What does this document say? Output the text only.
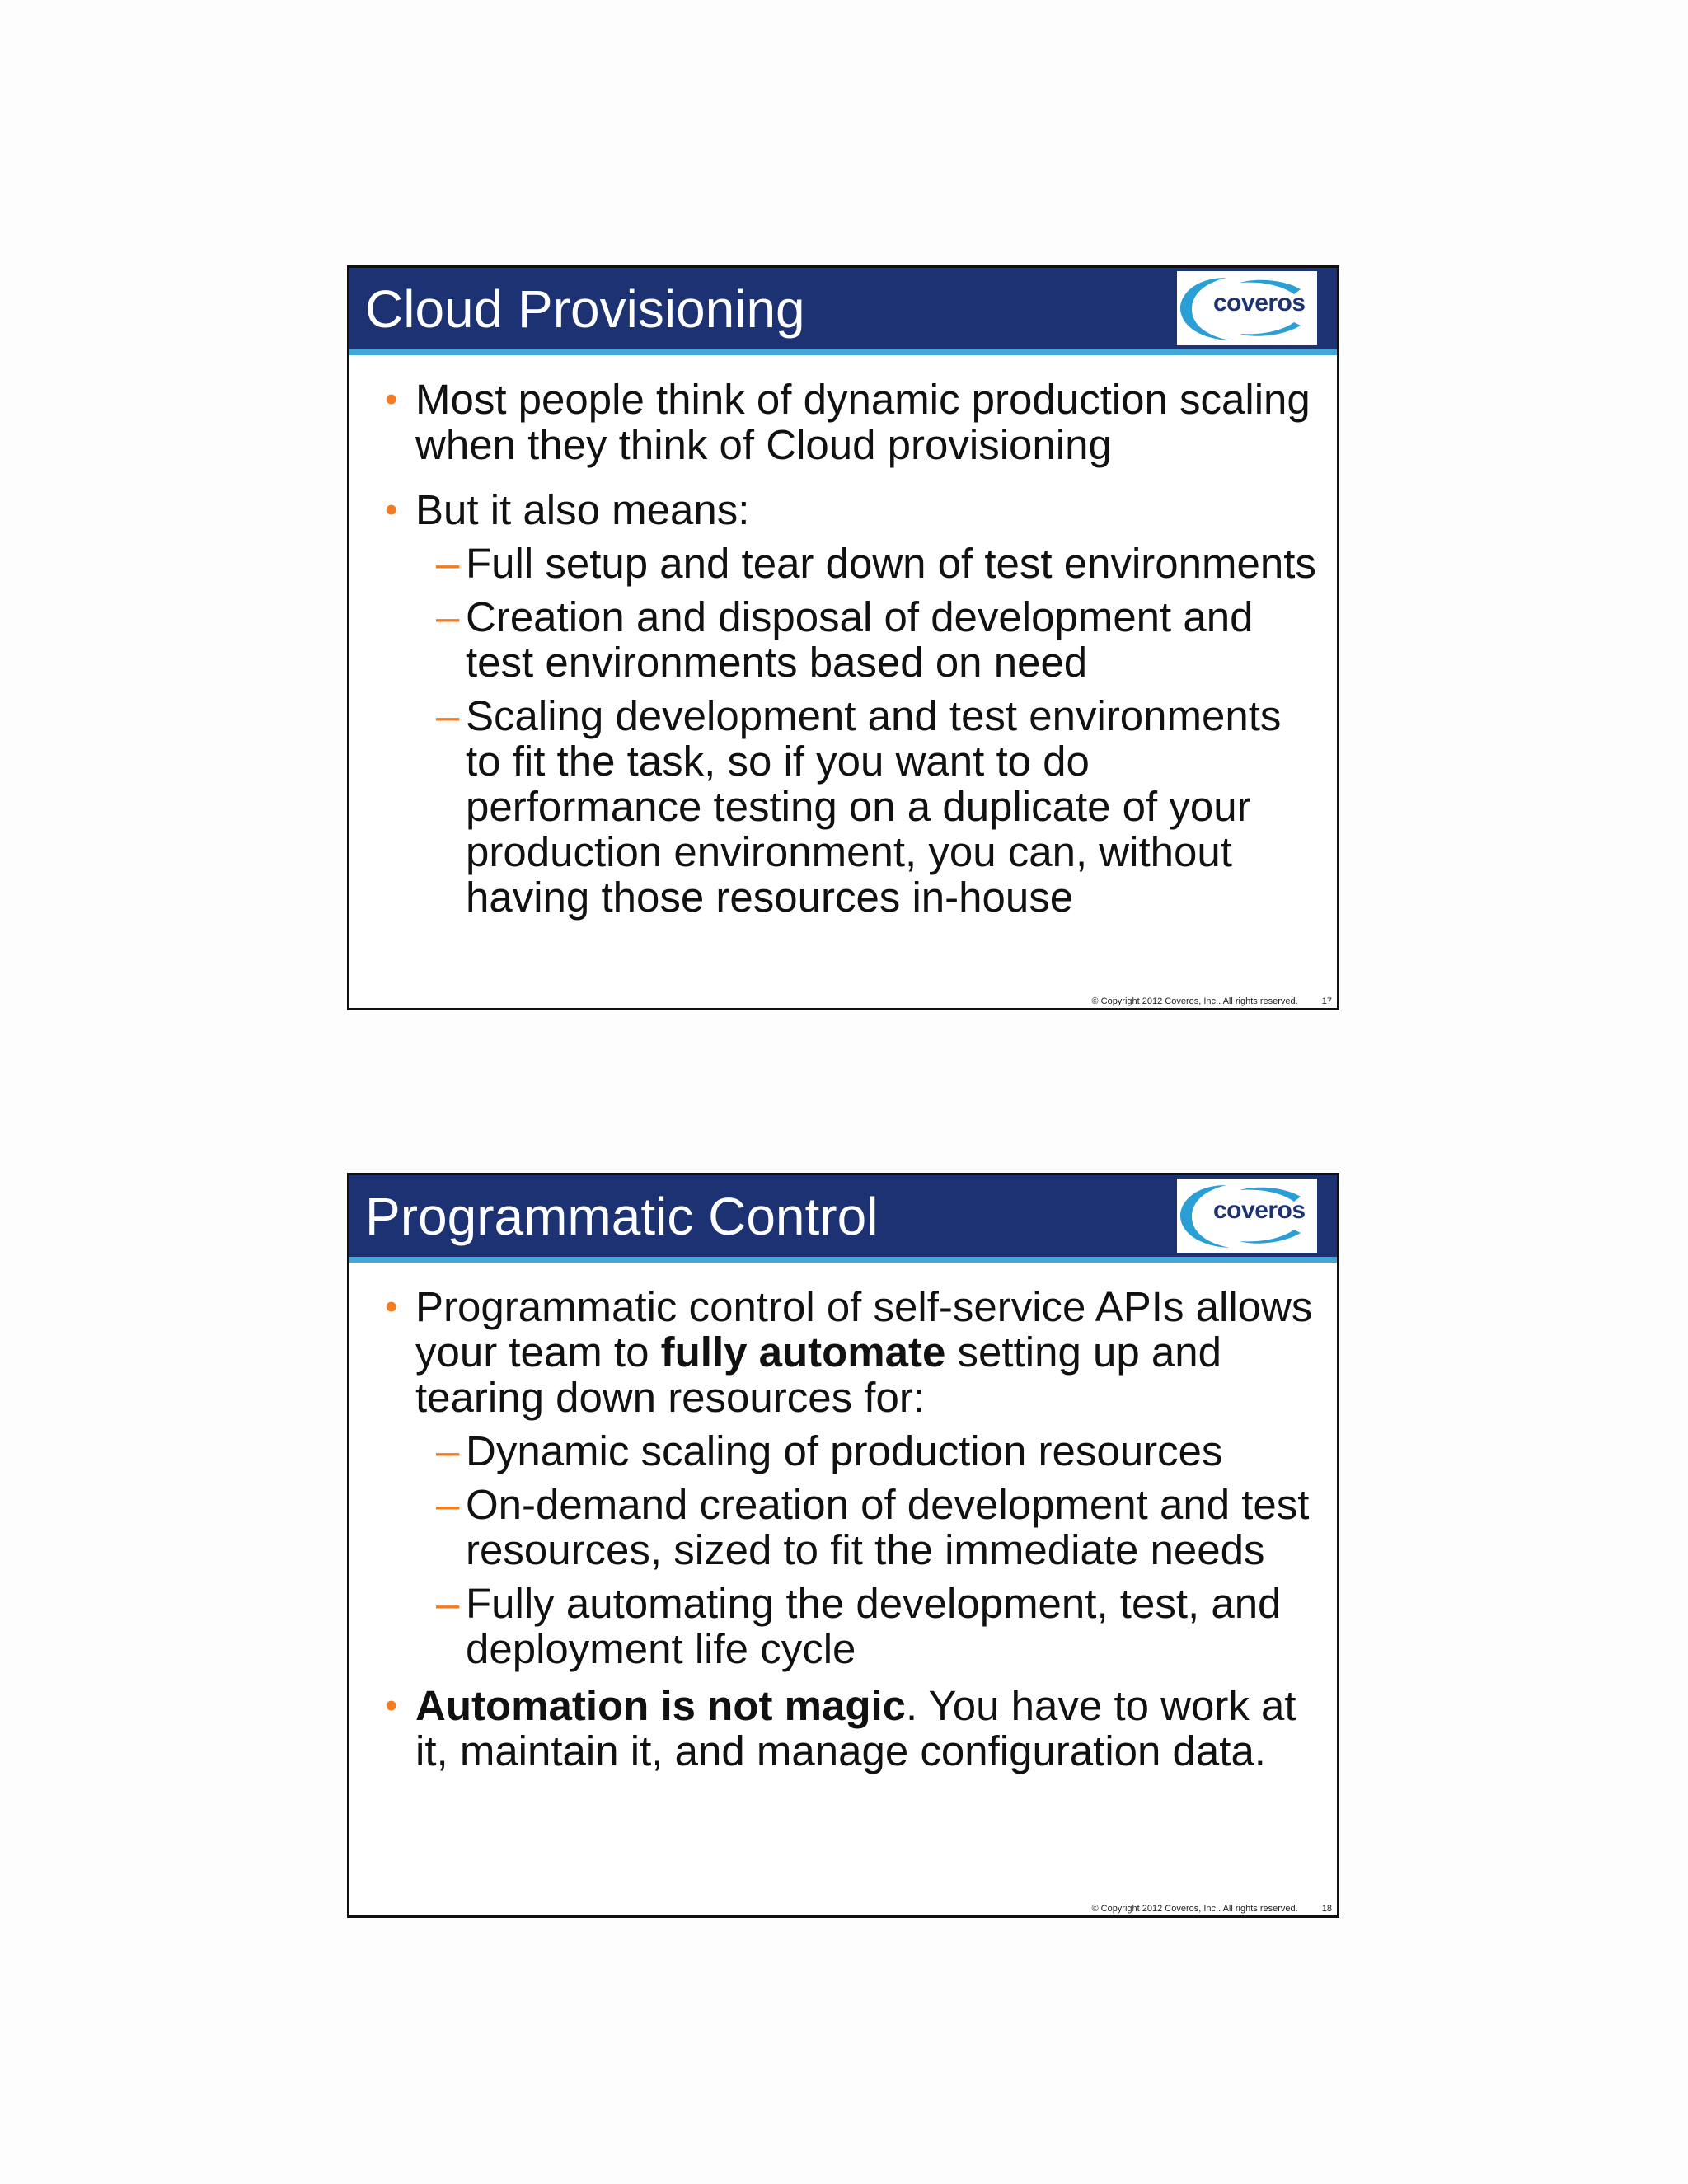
Cloud Provisioning	coveros
• Most people think of dynamic production scaling when they think of Cloud provisioning
• But it also means:
– Full setup and tear down of test environments
– Creation and disposal of development and test environments based on need
– Scaling development and test environments to fit the task, so if you want to do performance testing on a duplicate of your production environment, you can, without having those resources in-house
© Copyright 2012 Coveros, Inc.. All rights reserved.	17
Programmatic Control	coveros
• Programmatic control of self-service APIs allows your team to fully automate setting up and tearing down resources for:
– Dynamic scaling of production resources
– On-demand creation of development and test resources, sized to fit the immediate needs
– Fully automating the development, test, and deployment life cycle
• Automation is not magic. You have to work at it, maintain it, and manage configuration data.
© Copyright 2012 Coveros, Inc.. All rights reserved.	18
